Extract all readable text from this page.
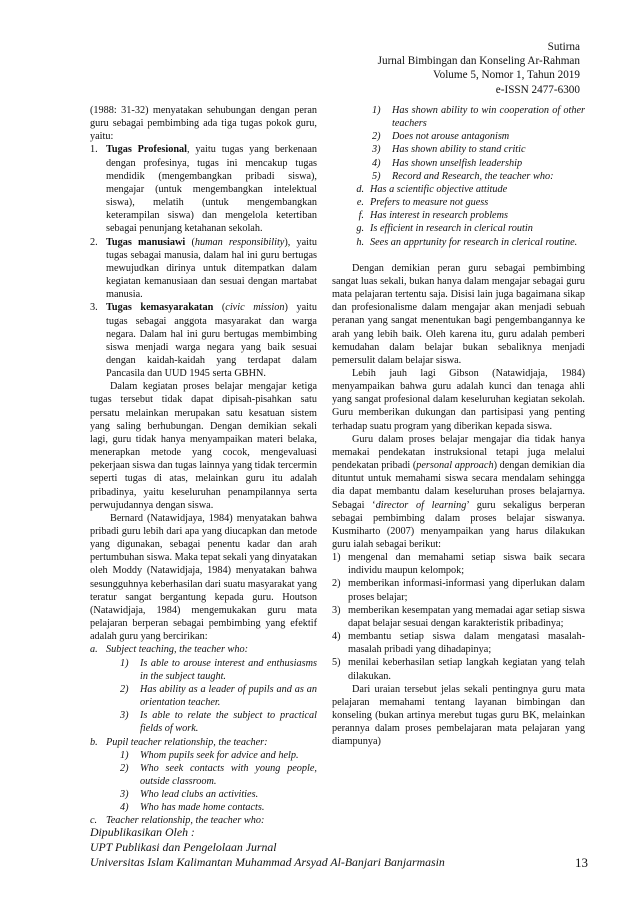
Sutirna
Jurnal Bimbingan dan Konseling Ar-Rahman
Volume 5, Nomor 1, Tahun 2019
e-ISSN 2477-6300

(1988: 31-32) menyatakan sehubungan dengan peran guru sebagai pembimbing ada tiga tugas pokok guru, yaitu:

1. Tugas Profesional, yaitu tugas yang berkenaan dengan profesinya, tugas ini mencakup tugas mendidik (mengembangkan pribadi siswa), mengajar (untuk mengembangkan intelektual siswa), melatih (untuk mengembangkan keterampilan siswa) dan mengelola ketertiban sebagai penunjang ketahanan sekolah.
2. Tugas manusiawi (human responsibility), yaitu tugas sebagai manusia, dalam hal ini guru bertugas mewujudkan dirinya untuk ditempatkan dalam kegiatan kemanusiaan dan sesuai dengan martabat manusia.
3. Tugas kemasyarakatan (civic mission) yaitu tugas sebagai anggota masyarakat dan warga negara. Dalam hal ini guru bertugas membimbing siswa menjadi warga negara yang baik sesuai dengan kaidah-kaidah yang terdapat dalam Pancasila dan UUD 1945 serta GBHN.

Dalam kegiatan proses belajar mengajar ketiga tugas tersebut tidak dapat dipisah-pisahkan satu persatu melainkan merupakan satu kesatuan sistem yang saling berhubungan. Dengan demikian sekali lagi, guru tidak hanya menyampaikan materi belaka, menerapkan metode yang cocok, mengevaluasi pekerjaan siswa dan tugas lainnya yang tidak tercermin seperti tugas di atas, melainkan guru itu adalah pribadinya, yaitu keseluruhan penampilannya serta perwujudannya dengan siswa.

Bernard (Natawidjaya, 1984) menyatakan bahwa pribadi guru lebih dari apa yang diucapkan dan metode yang digunakan, sebagai penentu kadar dan arah pertumbuhan siswa. Maka tepat sekali yang dinyatakan oleh Moddy (Natawidjaja, 1984) menyatakan bahwa sesungguhnya keberhasilan dari suatu masyarakat yang teratur sangat bergantung kepada guru. Houtson (Natawidjaja, 1984) mengemukakan guru mata pelajaran berperan sebagai pembimbing yang efektif adalah guru yang bercirikan:

a. Subject teaching, the teacher who:
1)	Is able to arouse interest and enthusiasms in the subject taught.
2)	Has ability as a leader of pupils and as an orientation teacher.
3)	Is able to relate the subject to practical fields of work.
b. Pupil teacher relationship, the teacher:
1)	Whom pupils seek for advice and help.
2)	Who seek contacts with young people, outside classroom.
3)	Who lead clubs an activities.
4)	Who has made home contacts.
c. Teacher relationship, the teacher who:
1)	Has shown ability to win cooperation of other teachers
2)	Does not arouse antagonism
3)	Has shown ability to stand critic
4)	Has shown unselfish leadership
5)	Record and Research, the teacher who:
d. Has a scientific objective attitude
e. Prefers to measure not guess
f. Has interest in research problems
g. Is efficient in research in clerical routin
h. Sees an apprtunity for research in clerical routine.

Dengan demikian peran guru sebagai pembimbing sangat luas sekali, bukan hanya dalam mengajar sebagai guru mata pelajaran tertentu saja. Disisi lain juga bagaimana sikap dan profesionalisme dalam mengajar akan menjadi sebuah peranan yang sangat menentukan bagi pengembangannya ke arah yang lebih baik. Oleh karena itu, guru adalah pemberi kemudahan dalam belajar bukan sebaliknya menjadi pemersulit dalam belajar siswa.

Lebih jauh lagi Gibson (Natawidjaja, 1984) menyampaikan bahwa guru adalah kunci dan tenaga ahli yang sangat profesional dalam keseluruhan kegiatan sekolah. Guru memberikan dukungan dan partisipasi yang penting terhadap suatu program yang diberikan kepada siswa.

Guru dalam proses belajar mengajar dia tidak hanya memakai pendekatan instruksional tetapi juga melalui pendekatan pribadi (personal approach) dengan demikian dia dituntut untuk memahami siswa secara mendalam sehingga dia dapat membantu dalam keseluruhan proses belajarnya. Sebagai ‘director of learning’ guru sekaligus berperan sebagai pembimbing dalam proses belajar siswanya. Kusmiharto (2007) menyampaikan yang harus dilakukan guru ialah sebagai berikut:

1) mengenal dan memahami setiap siswa baik secara individu maupun kelompok;
2) memberikan informasi-informasi yang diperlukan dalam proses belajar;
3) memberikan kesempatan yang memadai agar setiap siswa dapat belajar sesuai dengan karakteristik pribadinya;
4) membantu setiap siswa dalam mengatasi masalah-masalah pribadi yang dihadapinya;
5) menilai keberhasilan setiap langkah kegiatan yang telah dilakukan.

Dari uraian tersebut jelas sekali pentingnya guru mata pelajaran memahami tentang layanan bimbingan dan konseling (bukan artinya merebut tugas guru BK, melainkan perannya dalam proses pembelajaran mata pelajaran yang diampunya)

Dipublikasikan Oleh :
UPT Publikasi dan Pengelolaan Jurnal
Universitas Islam Kalimantan Muhammad Arsyad Al-Banjari Banjarmasin	13
